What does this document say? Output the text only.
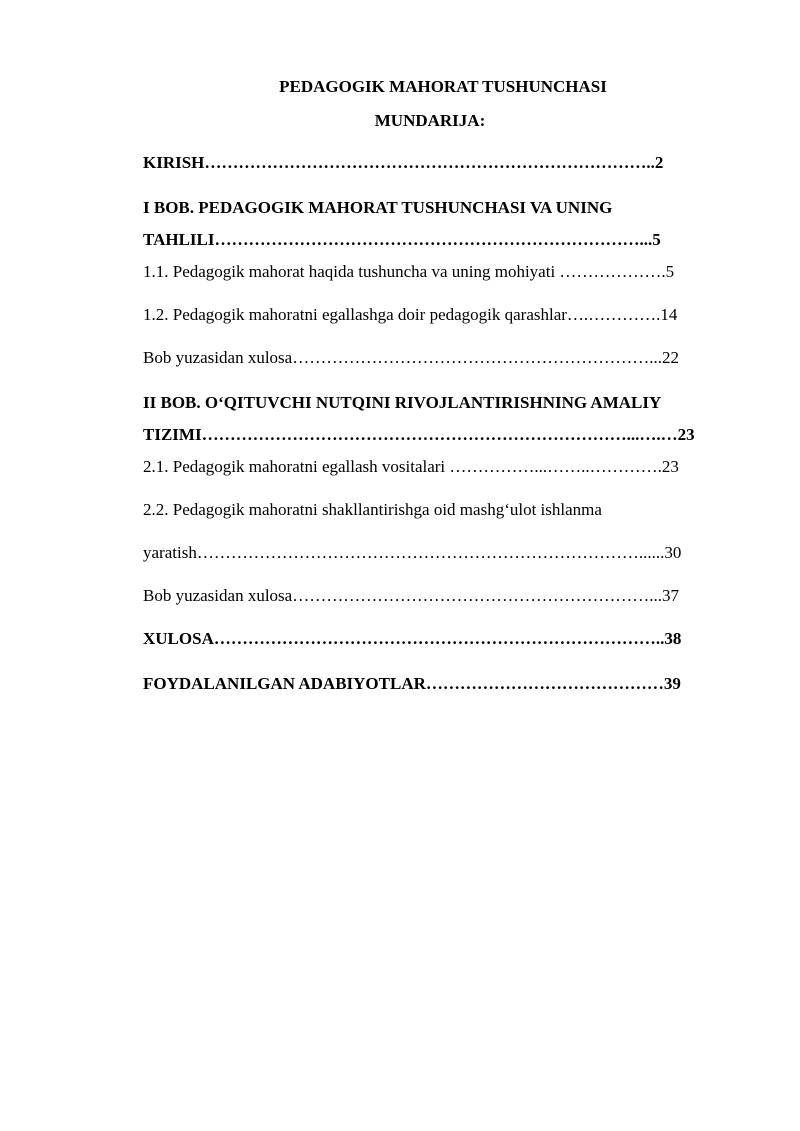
PEDAGOGIK MAHORAT TUSHUNCHASI
MUNDARIJA:
KIRISH……………………………………………………………………..2
I BOB. PEDAGOGIK MAHORAT TUSHUNCHASI VA UNING
TAHLILI…………………………………………………………………...5
1.1. Pedagogik mahorat haqida tushuncha va uning mohiyati ……………….5
1.2. Pedagogik mahoratni egallashga doir pedagogik qarashlar….………….14
Bob yuzasidan xulosa………………………………………………………...22
II BOB. O‘QITUVCHI NUTQINI RIVOJLANTIRISHNING AMALIY
TIZIMI…………………………………………………………………...….…23
2.1. Pedagogik mahoratni egallash vositalari ……………...……..………….23
2.2. Pedagogik mahoratni shakllantirishga oid mashg‘ulot ishlanma
yaratish……………………………………………………………………......30
Bob yuzasidan xulosa………………………………………………………...37
XULOSA……………………………………………………………………..38
FOYDALANILGAN ADABIYOTLAR……………………………………39
